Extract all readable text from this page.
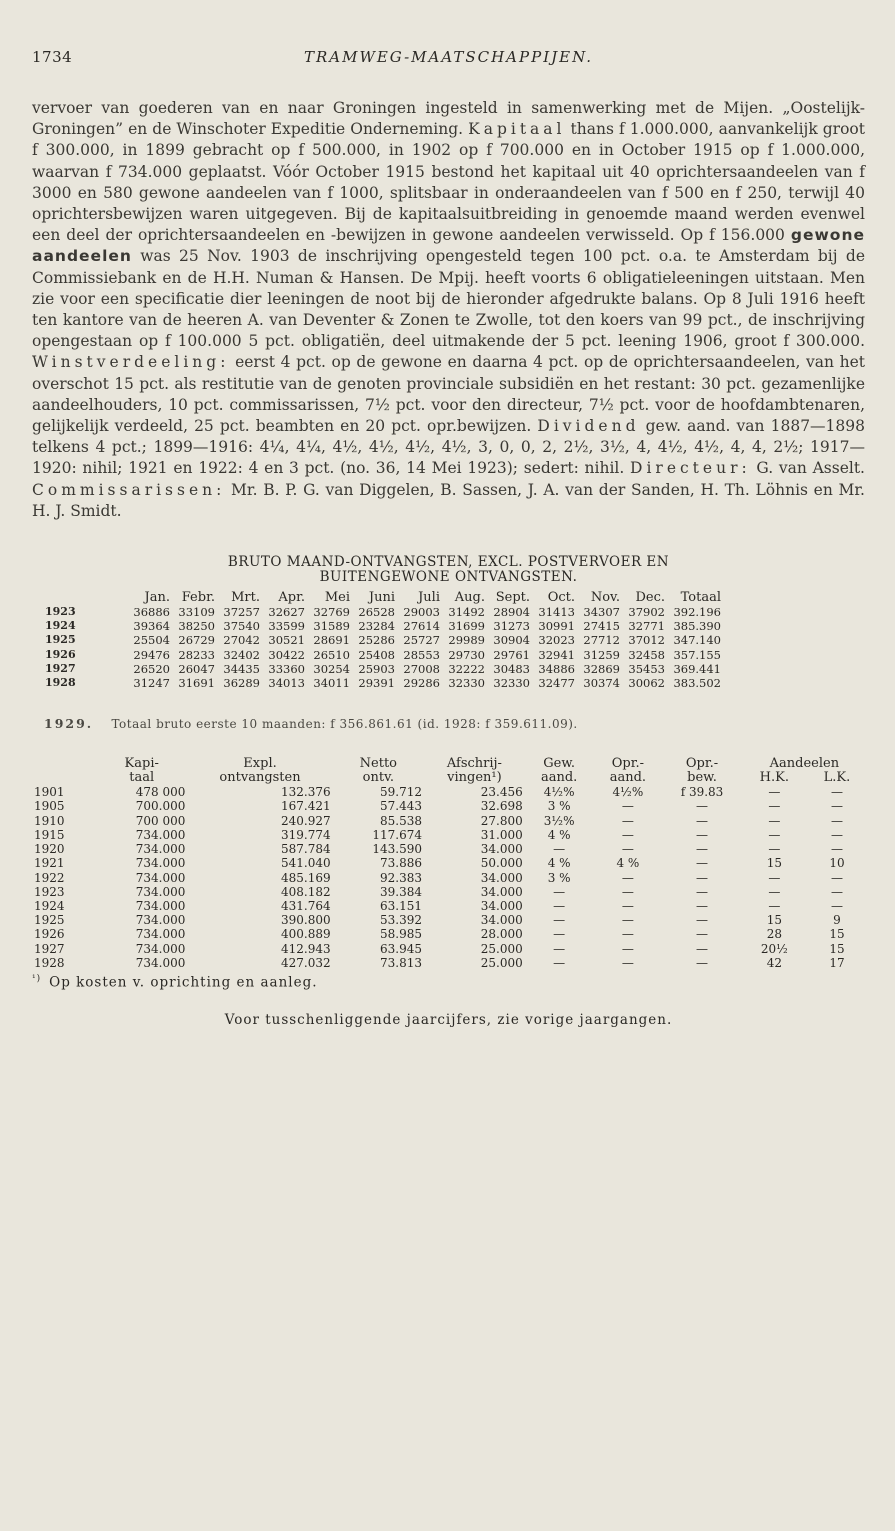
1734	TRAMWEG-MAATSCHAPPIJEN.
vervoer van goederen van en naar Groningen ingesteld in samenwerking met de Mijen. „Oostelijk-Groningen” en de Winschoter Expeditie Onderneming. Kapitaal thans f 1.000.000, aanvankelijk groot f 300.000, in 1899 gebracht op f 500.000, in 1902 op f 700.000 en in October 1915 op f 1.000.000, waarvan f 734.000 geplaatst. Vóór October 1915 bestond het kapitaal uit 40 oprichtersaandeelen van f 3000 en 580 gewone aandeelen van f 1000, splitsbaar in onderaandeelen van f 500 en f 250, terwijl 40 oprichtersbewijzen waren uitgegeven. Bij de kapitaalsuitbreiding in genoemde maand werden evenwel een deel der oprichtersaandeelen en -bewijzen in gewone aandeelen verwisseld. Op f 156.000 gewone aandeelen was 25 Nov. 1903 de inschrijving opengesteld tegen 100 pct. o.a. te Amsterdam bij de Commissiebank en de H.H. Numan & Hansen. De Mpij. heeft voorts 6 obligatieleeningen uitstaan. Men zie voor een specificatie dier leeningen de noot bij de hieronder afgedrukte balans. Op 8 Juli 1916 heeft ten kantore van de heeren A. van Deventer & Zonen te Zwolle, tot den koers van 99 pct., de inschrijving opengestaan op f 100.000 5 pct. obligatiën, deel uitmakende der 5 pct. leening 1906, groot f 300.000. Winstverdeeling: eerst 4 pct. op de gewone en daarna 4 pct. op de oprichtersaandeelen, van het overschot 15 pct. als restitutie van de genoten provinciale subsidiën en het restant: 30 pct. gezamenlijke aandeelhouders, 10 pct. commissarissen, 7½ pct. voor den directeur, 7½ pct. voor de hoofdambtenaren, gelijkelijk verdeeld, 25 pct. beambten en 20 pct. opr.bewijzen. Dividend gew. aand. van 1887—1898 telkens 4 pct.; 1899—1916: 4¼, 4¼, 4½, 4½, 4½, 4½, 3, 0, 0, 2, 2½, 3½, 4, 4½, 4½, 4, 4, 2½; 1917—1920: nihil; 1921 en 1922: 4 en 3 pct. (no. 36, 14 Mei 1923); sedert: nihil. Directeur: G. van Asselt. Commissarissen: Mr. B. P. G. van Diggelen, B. Sassen, J. A. van der Sanden, H. Th. Löhnis en Mr. H. J. Smidt.
BRUTO MAAND-ONTVANGSTEN, EXCL. POSTVERVOER EN
BUITENGEWONE ONTVANGSTEN.
	Jan.	Febr.	Mrt.	Apr.	Mei	Juni	Juli	Aug.	Sept.	Oct.	Nov.	Dec.	Totaal
1923	36886	33109	37257	32627	32769	26528	29003	31492	28904	31413	34307	37902	392.196
1924	39364	38250	37540	33599	31589	23284	27614	31699	31273	30991	27415	32771	385.390
1925	25504	26729	27042	30521	28691	25286	25727	29989	30904	32023	27712	37012	347.140
1926	29476	28233	32402	30422	26510	25408	28553	29730	29761	32941	31259	32458	357.155
1927	26520	26047	34435	33360	30254	25903	27008	32222	30483	34886	32869	35453	369.441
1928	31247	31691	36289	34013	34011	29391	29286	32330	32330	32477	30374	30062	383.502
1929. Totaal bruto eerste 10 maanden: f 356.861.61 (id. 1928: f 359.611.09).
	Kapi-	Expl.	Netto	Afschrij-	Gew.	Opr.-	Opr.-	Aandeelen	
	taal	ontvangsten	ontv.	vingen¹)	aand.	aand.	bew.	H.K.	L.K.
1901	478 000	132.376	59.712	23.456	4½%	4½%	f 39.83	—	—
1905	700.000	167.421	57.443	32.698	3 %	—	—	—	—
1910	700 000	240.927	85.538	27.800	3½%	—	—	—	—
1915	734.000	319.774	117.674	31.000	4 %	—	—	—	—
1920	734.000	587.784	143.590	34.000	—	—	—	—	—
1921	734.000	541.040	73.886	50.000	4 %	4 %	—	15	10
1922	734.000	485.169	92.383	34.000	3 %	—	—	—	—
1923	734.000	408.182	39.384	34.000	—	—	—	—	—
1924	734.000	431.764	63.151	34.000	—	—	—	—	—
1925	734.000	390.800	53.392	34.000	—	—	—	15	9
1926	734.000	400.889	58.985	28.000	—	—	—	28	15
1927	734.000	412.943	63.945	25.000	—	—	—	20½	15
1928	734.000	427.032	73.813	25.000	—	—	—	42	17
$^{^1)}$ Op kosten v. oprichting en aanleg.
Voor tusschenliggende jaarcijfers, zie vorige jaargangen.
